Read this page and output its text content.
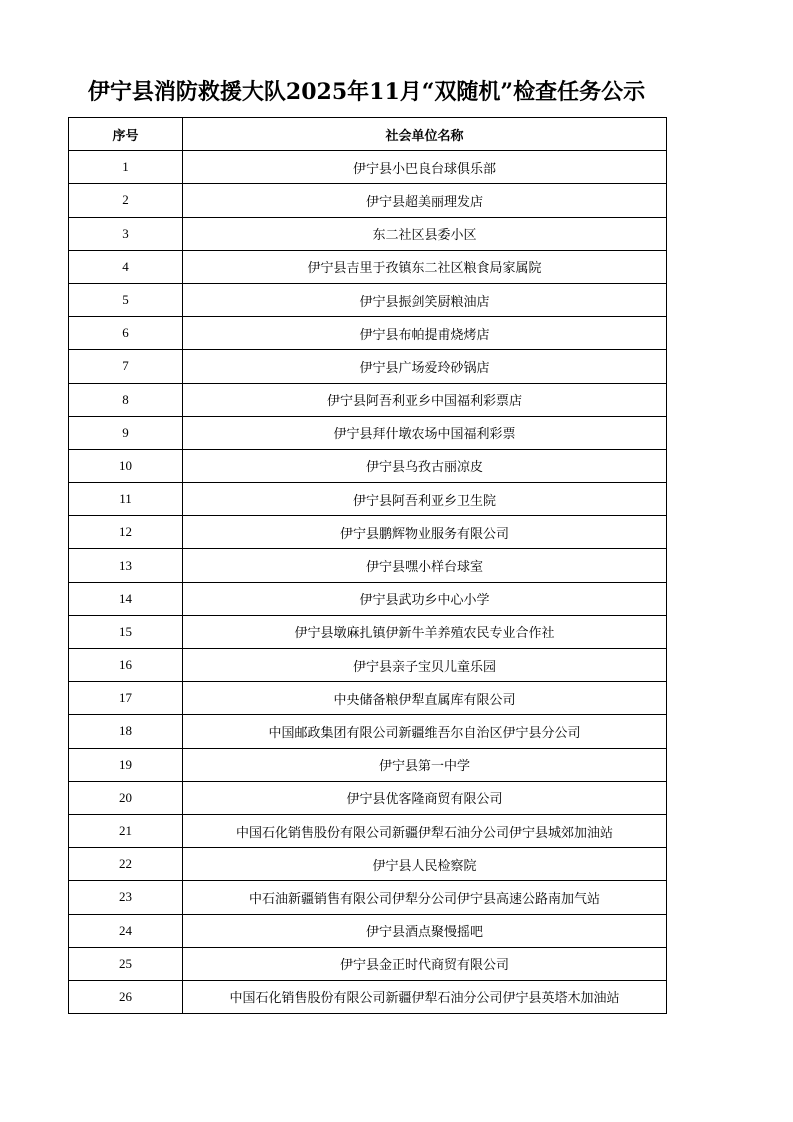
伊宁县消防救援大队2025年11月“双随机”检查任务公示
序号	社会单位名称
1	伊宁县小巴良台球俱乐部
2	伊宁县超美丽理发店
3	东二社区县委小区
4	伊宁县吉里于孜镇东二社区粮食局家属院
5	伊宁县振剑笑厨粮油店
6	伊宁县布帕提甫烧烤店
7	伊宁县广场爱玲砂锅店
8	伊宁县阿吾利亚乡中国福利彩票店
9	伊宁县拜什墩农场中国福利彩票
10	伊宁县乌孜古丽凉皮
11	伊宁县阿吾利亚乡卫生院
12	伊宁县鹏辉物业服务有限公司
13	伊宁县嘿小样台球室
14	伊宁县武功乡中心小学
15	伊宁县墩麻扎镇伊新牛羊养殖农民专业合作社
16	伊宁县亲子宝贝儿童乐园
17	中央储备粮伊犁直属库有限公司
18	中国邮政集团有限公司新疆维吾尔自治区伊宁县分公司
19	伊宁县第一中学
20	伊宁县优客隆商贸有限公司
21	中国石化销售股份有限公司新疆伊犁石油分公司伊宁县城郊加油站
22	伊宁县人民检察院
23	中石油新疆销售有限公司伊犁分公司伊宁县高速公路南加气站
24	伊宁县酒点聚慢摇吧
25	伊宁县金正时代商贸有限公司
26	中国石化销售股份有限公司新疆伊犁石油分公司伊宁县英塔木加油站
